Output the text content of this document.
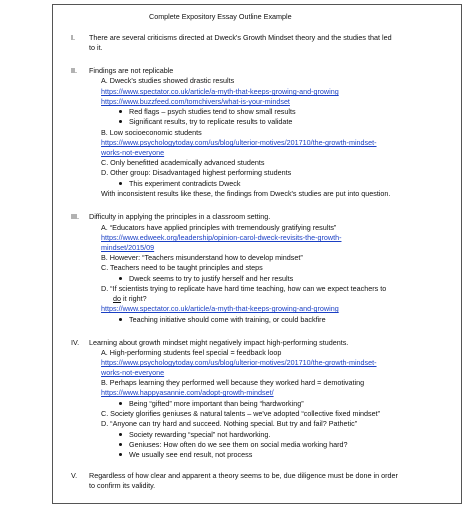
Complete Expository Essay Outline Example
I. There are several criticisms directed at Dweck's Growth Mindset theory and the studies that led
to it.
II. Findings are not replicable
A. Dweck's studies showed drastic results
https://www.spectator.co.uk/article/a-myth-that-keeps-growing-and-growing
https://www.buzzfeed.com/tomchivers/what-is-your-mindset
Red flags – psych studies tend to show small results
Significant results, try to replicate results to validate
B. Low socioeconomic students
https://www.psychologytoday.com/us/blog/ulterior-motives/201710/the-growth-mindset-
works-not-everyone
C. Only benefitted academically advanced students
D. Other group: Disadvantaged highest performing students
This experiment contradicts Dweck
With inconsistent results like these, the findings from Dweck's studies are put into question.
III. Difficulty in applying the principles in a classroom setting.
A. “Educators have applied principles with tremendously gratifying results”
https://www.edweek.org/leadership/opinion-carol-dweck-revisits-the-growth-
mindset/2015/09
B. However: “Teachers misunderstand how to develop mindset”
C. Teachers need to be taught principles and steps
Dweck seems to try to justify herself and her results
D. “If scientists trying to replicate have hard time teaching, how can we expect teachers to
do it right?
https://www.spectator.co.uk/article/a-myth-that-keeps-growing-and-growing
Teaching initiative should come with training, or could backfire
IV. Learning about growth mindset might negatively impact high-performing students.
A. High-performing students feel special = feedback loop
https://www.psychologytoday.com/us/blog/ulterior-motives/201710/the-growth-mindset-
works-not-everyone
B. Perhaps learning they performed well because they worked hard = demotivating
https://www.happyasannie.com/adopt-growth-mindset/
Being “gifted” more important than being “hardworking”
C. Society glorifies geniuses & natural talents – we've adopted “collective fixed mindset”
D. “Anyone can try hard and succeed. Nothing special. But try and fail? Pathetic”
Society rewarding “special” not hardworking.
Geniuses: How often do we see them on social media working hard?
We usually see end result, not process
V. Regardless of how clear and apparent a theory seems to be, due diligence must be done in order
to confirm its validity.
